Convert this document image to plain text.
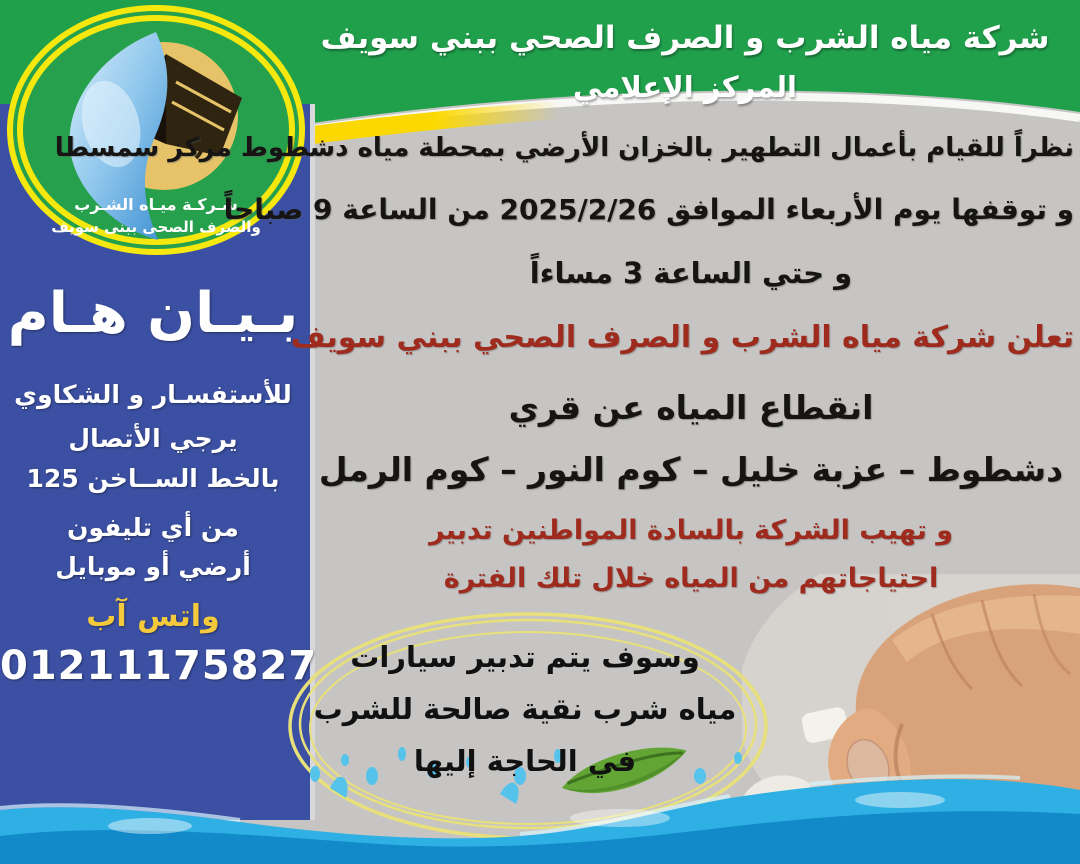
شـركـة ميـاه الشـرب
والصرف الصحى ببنى سويف
شركة مياه الشرب و الصرف الصحي ببني سويف
المركز الإعلامي
بـيـان هـام
للأستفسـار و الشكاوي
يرجي الأتصال
بالخط الســاخن 125
من أي تليفون
أرضي أو موبايل
واتس آب
01211175827
نظراً للقيام بأعمال التطهير بالخزان الأرضي بمحطة مياه دشطوط مركز سمسطا
و توقفها يوم الأربعاء الموافق 2025/2/26 من الساعة 9 صباحاً
و حتي الساعة 3 مساءاً
تعلن شركة مياه الشرب و الصرف الصحي ببني سويف
انقطاع المياه عن قري
دشطوط – عزبة خليل – كوم النور – كوم الرمل
و تهيب الشركة بالسادة المواطنين تدبير
احتياجاتهم من المياه خلال تلك الفترة
وسوف يتم تدبير سيارات
مياه شرب نقية صالحة للشرب
في الحاجة إليها
